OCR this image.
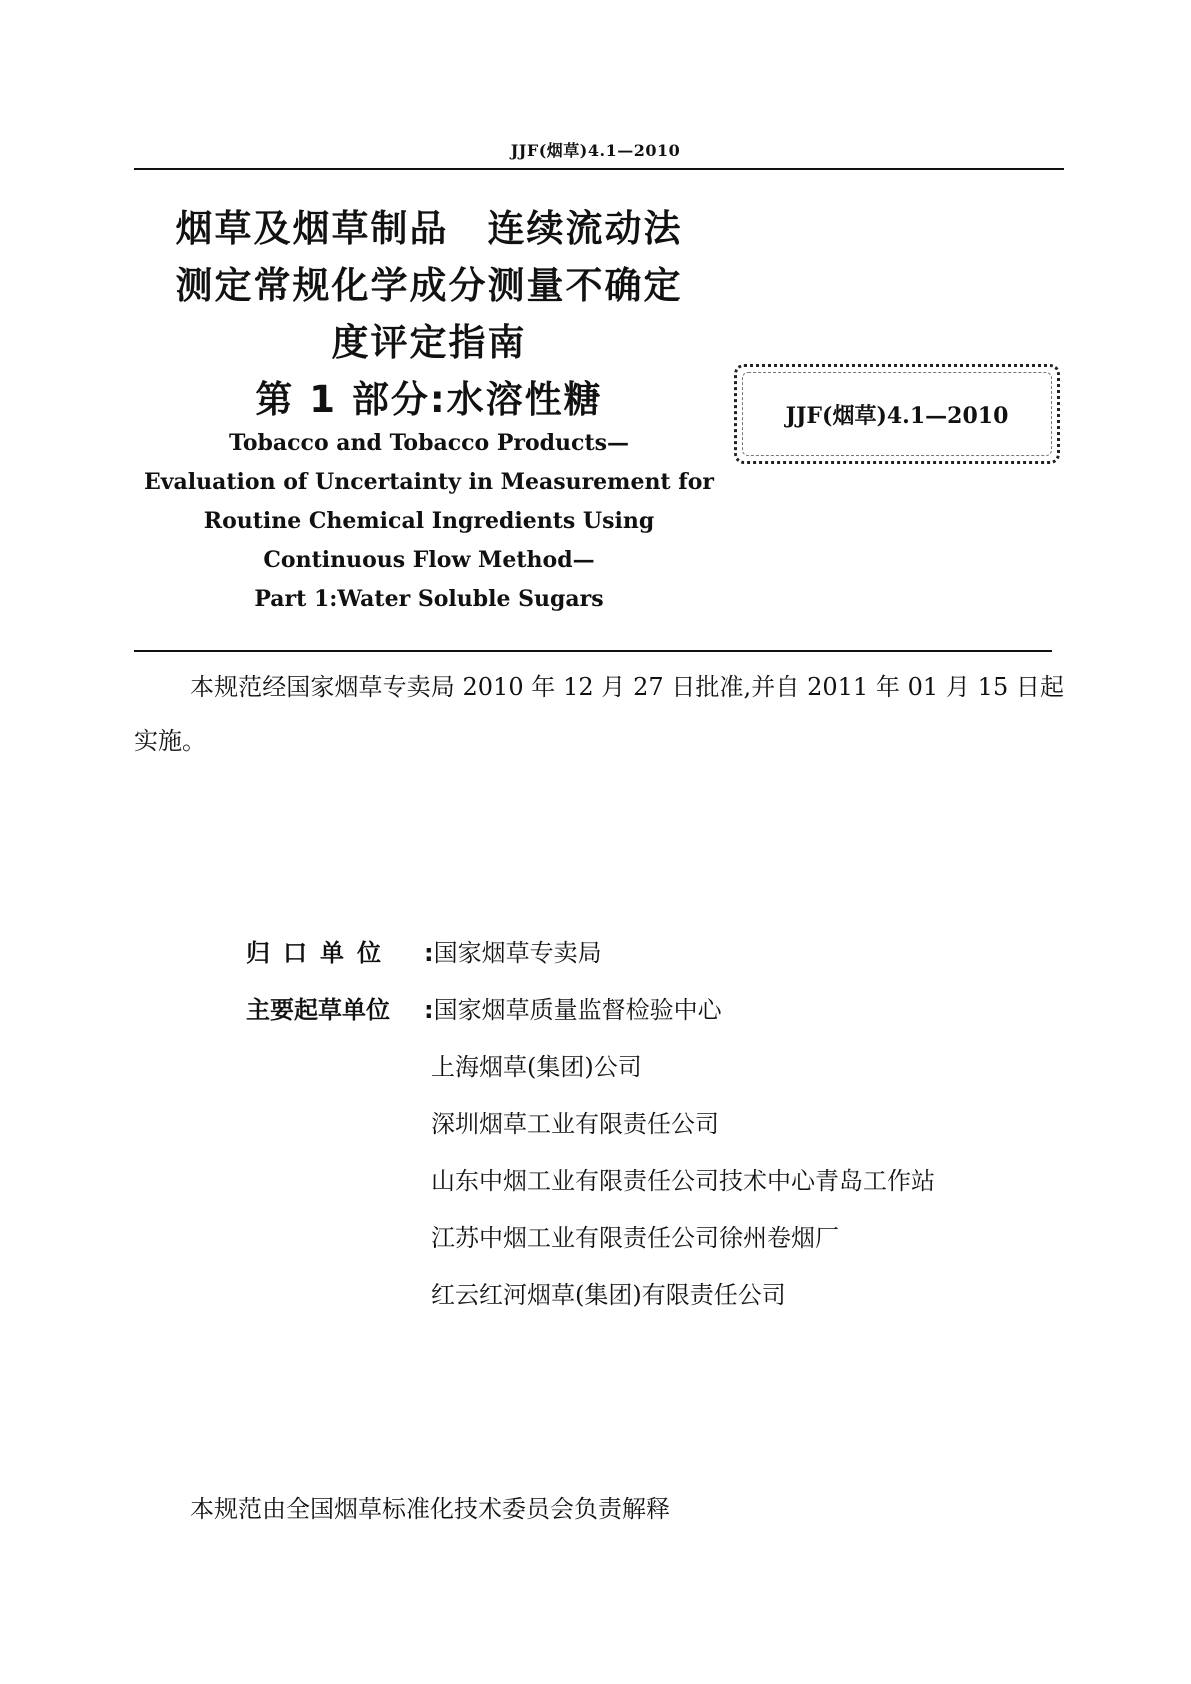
JJF(烟草)4.1—2010
烟草及烟草制品　连续流动法
测定常规化学成分测量不确定
度评定指南
第 1 部分:水溶性糖
Tobacco and Tobacco Products—
Evaluation of Uncertainty in Measurement for
Routine Chemical Ingredients Using
Continuous Flow Method—
Part 1:Water Soluble Sugars
JJF(烟草)4.1—2010

本规范经国家烟草专卖局 2010 年 12 月 27 日批准,并自 2011 年 01 月 15 日起实施。

归口单位 :国家烟草专卖局
主要起草单位 :国家烟草质量监督检验中心
上海烟草(集团)公司
深圳烟草工业有限责任公司
山东中烟工业有限责任公司技术中心青岛工作站
江苏中烟工业有限责任公司徐州卷烟厂
红云红河烟草(集团)有限责任公司
本规范由全国烟草标准化技术委员会负责解释
